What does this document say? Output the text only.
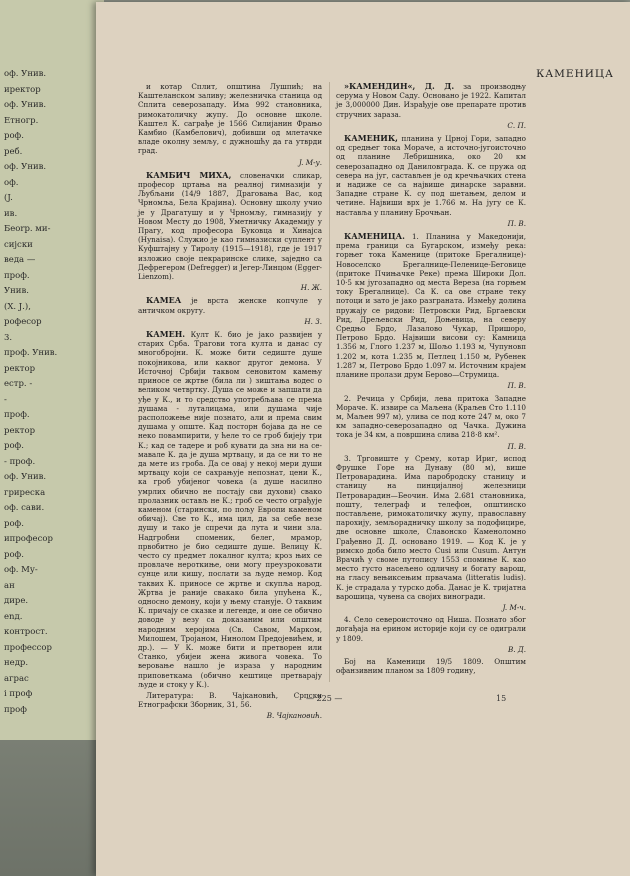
оф. Унив.
иректор
оф. Унив.
Етногр.
роф.
реб.
оф. Унив.
оф.
(J.
ив.
Беоrp. ми-
сијски
веда —
проф.
Унив.
(Х. Ј.),
рофесор
3.
проф. Унив.
ректор
естр. -
-
проф.
ректор
роф.
- проф.
оф. Унив.
гриреска
оф. сави.
роф.
ипрофесор
роф.
оф. Му-
ан
дире.
еnд.
контрост.
профессор
недр.
аграс
і проф
проф
КАМЕНИЦА

и котар Сплит, општина Лушпић; на Каштеланском заливу; железничка станица од Сплита северозападу. Има 992 становника, римокатоличку жупу. До основне школе. Каштел К. саграђе је 1566 Силијанин Фрањо Камбио (Камбелович), добивши од млетачке владе околну земљу, с дужношћу да га утврди град.

J. М-у.

КАМБИЧ МИХА, словеначки сликар, професор цртања на реалној гимназији у Љубљани (14/9 1887, Драговања Вас, код Чрномља, Бела Крајина). Основну школу учио је у Драгатушу и у Чрномљу, гимназију у Новом Месту до 1908, Уметничку Академију у Прагу, код професора Буковца и Хинајса (Hynaisa). Служио је као гимназиски суплент у Куфштајну у Тиролу (1915—1918), где је 1917 изложио своје пекраринске слике, заједно са Дефрегером (Defregger) и Јегер-Линцом (Egger-Lienzom).

Н. Ж.

КАМЕА је врста женске копчуле у античком округу.

Н. З.

КАМЕН. Култ К. био је јако развијен у старих Срба. Трагови тога култа и данас су многобројни. К. може бити седиште душе покојникова, или каквог другог демона. У Источној Србији таквом сеновитом камењу приносе се жртве (била ли ) зиштања водес о великом четвртку. Душа се може и запшати да уђе у К., и то средство употребљава се према душама - луталицама, или душама чије расположење није познато, али и према свим душама у опште. Кад посторн бојава да не се неко повампирити, у ћеле то се гроб бијеју три К.; кад се тадере и роб кувати да зна ни на се-мавале К. да је душа мртвацу, и да се ни то не да мете из гроба. Да се овај у некој мери души мртвацу који се сахрањује непознат, цени К., ка гроб убијеног човека (а душе насилно умрлих обично не постају сви духови) свако пролазник остављ не К.; гроб се често ограђује каменом (старински, по пољу Европи каменом обичај). Све то К., има цил, да за себе везе душу и тако је спречи да лута и чини зла. Надгробни споменик, белег, мрамор, првобитно је био седиште душе. Велицу К. често су предмет локалног култа; кроз њих се провлаче нероткиње, они могу преузроковати сунце или кишу, послати за људе немор. Код таквих К. приносе се жртве и скупља народ. Жртва је раније свакако била упућена К., односно демону, који у њему станује. О таквим К. причају се сказке и легенде, и оне се обично доводе у везу са доказаним или општим народним херојима (Св. Савом, Марком, Милошем, Тројаном, Нинолом Предојевићем, и др.). — У К. може бити и претворен или Станко, убијеи жена живога човека. То веровање нашло је израза у народним приповеткама (обично кештице претварају људе и стоку у К.).

Литература: В. Чајкановић, Српски Етнографски Зборник, 31, 56.

В. Чајкановић.

»КАМЕНДИН«, Д. Д. за производњу серума у Новом Саду. Основано је 1922. Капитал је 3,000000 Дин. Израђује ове препарате против стручних зараза.

С. П.

КАМЕНИК, планина у Црној Гори, западно од средњег тока Мораче, а источно-југоисточно од планине Лебришника, око 20 км северозападно од Даниловграда. К. се пружа од севера на југ, састављен је од кречњачких стена и надиже се са највише динарске заравни. Западне стране К. су под шетањем, делом и четине. Највиши врх је 1.766 м. На југу се К. наставља у планину Брочњан.

П. В.

КАМЕНИЦА. 1. Планина у Македонији, према граници са Бугарском, између река: горњег тока Каменице (притоке Брегалнице)-Новоселско Брегалнице-Пеленице-Беговице (притоке Пчињачке Реке) према Широки Дол. 10·5 км југозападно од места Вереза (на горњем току Брегалнице). Са К. са ове стране теку потоци и зато је јако разграната. Између долина пружају се ридови: Петровски Рид, Бргаевски Рид, Дрељевски Рид, Доњевица, на северу Средњо Брдо, Лазаловo Чукар, Пришоро, Петрово Брдо. Највиши висови су: Камница 1.356 м, Глого 1.237 м, Шољо 1.193 м, Чупуновп 1.202 м, кота 1.235 м, Петлец 1.150 м, Рубенек 1.287 м, Петрово Брдо 1.097 м. Источним крајем планине пролази друм Берово—Струмица.

П. В.

2. Речица у Србији, лева притока Западне Мораче. К. извире са Маљена (Краљев Сто 1.110 м, Маљен 997 м), улива се под коте 247 м, око 7 км западно-северозападно од Чачка. Дужина тока је 34 км, а површина слива 218·8 км².

П. В.

3. Трговиште у Срему, котар Ириг, испод Фрушке Горе на Дунаву (80 м), више Петроварадина. Има паробродску станицу и станицу на пинцијалној железници Петроварадин—Беочин. Има 2.681 становника, пошту, телеграф и телефон, општинско постављене, римокатоличку жупу, православну парохију, земљорадничку школу за подофицире, две основне школе, Славонско Каменоломно Грађевно Д. Д. основано 1919. — Код К. је у римско доба било место Cusi или Cusum. Антун Врачић у своме путопису 1553 спомиње К. као место густо насељено одличну и богату варош, на гласу вењиксењим првачама (litteratis ludis). К. је страдала у турско доба. Данас је К. тријатна варошица, чувена са својих виногради.

J. М-ч.

4. Село североисточно од Ниша. Познато због догађаја на ерином историје који су се одиграли у 1809.

В. Д.

Бој на Каменици 19/5 1809. Општим офанзивним планом за 1809 годину,

— 225 —	15
